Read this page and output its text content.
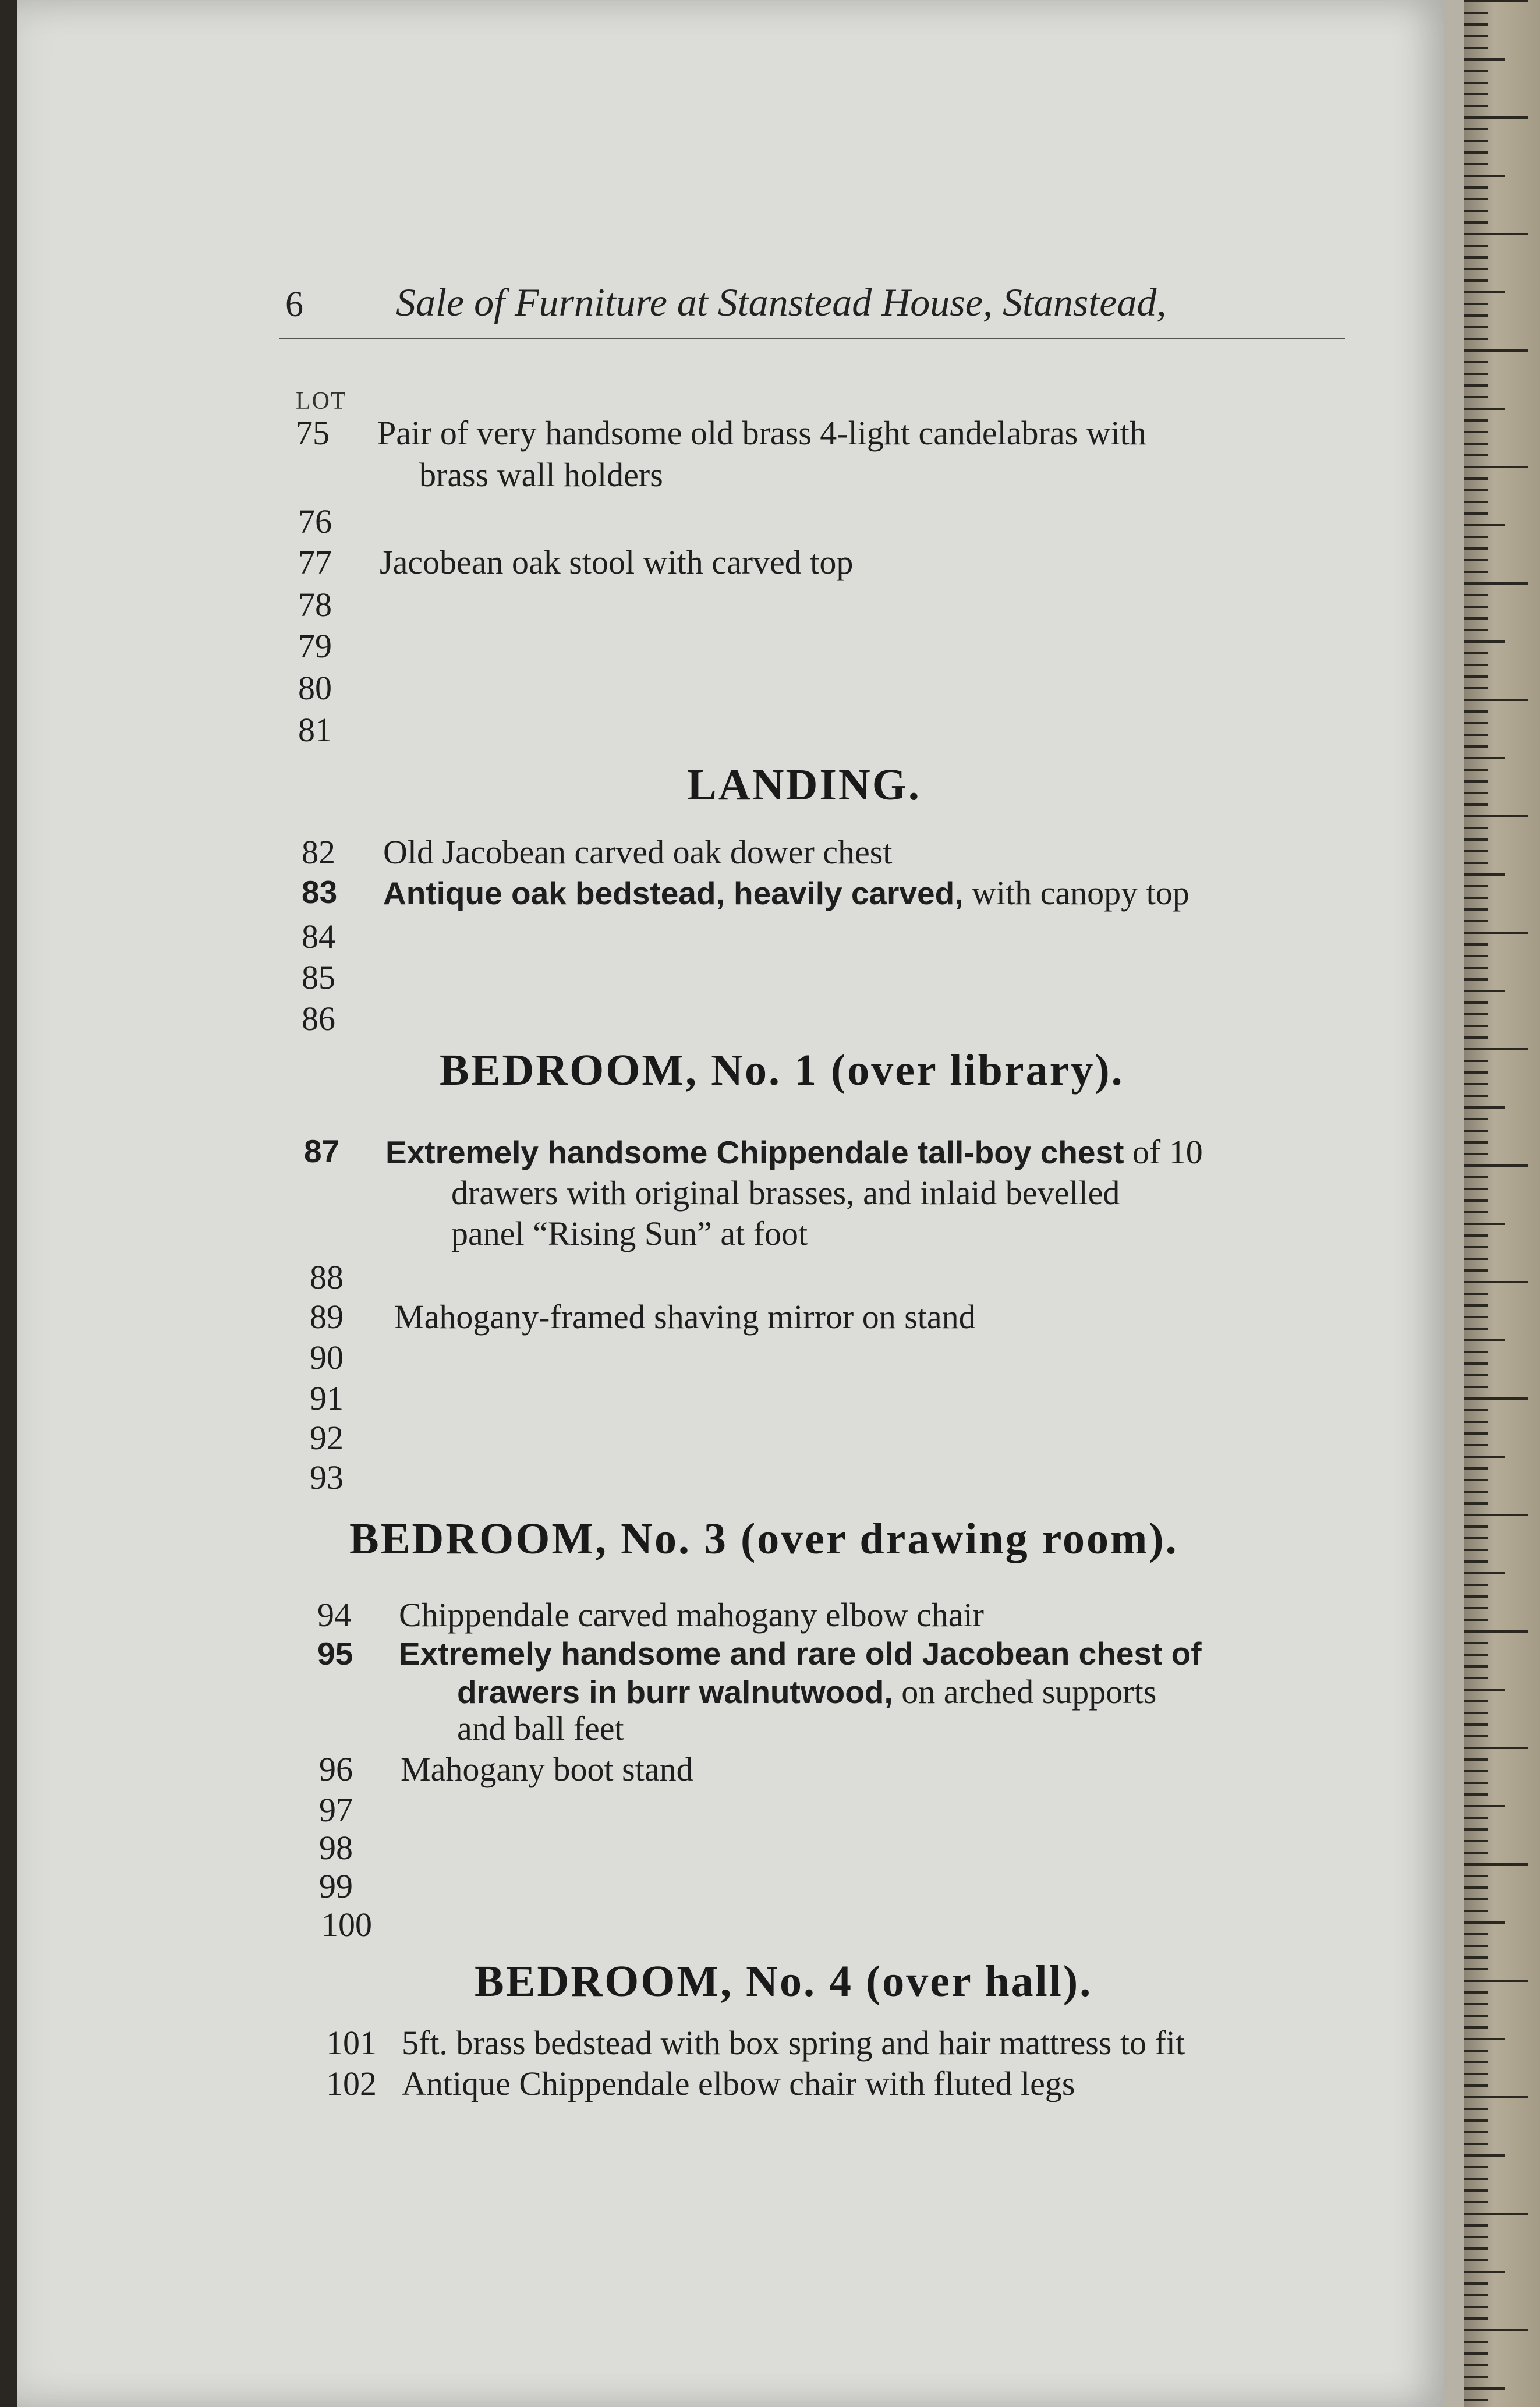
6 Sale of Furniture at Stanstead House, Stanstead,
LOT
75	Pair of very handsome old brass 4-light candelabras with
brass wall holders
76
77	Jacobean oak stool with carved top
78
79
80
81
LANDING.
82	Old Jacobean carved oak dower chest
83	Antique oak bedstead, heavily carved, with canopy top
84
85
86
BEDROOM, No. 1 (over library).
87	Extremely handsome Chippendale tall-boy chest of 10
drawers with original brasses, and inlaid bevelled
panel “Rising Sun” at foot
88
89	Mahogany-framed shaving mirror on stand
90
91
92
93
BEDROOM, No. 3 (over drawing room).
94	Chippendale carved mahogany elbow chair
95	Extremely handsome and rare old Jacobean chest of
drawers in burr walnutwood, on arched supports
and ball feet
96	Mahogany boot stand
97
98
99
100
BEDROOM, No. 4 (over hall).
101 5ft. brass bedstead with box spring and hair mattress to fit
102 Antique Chippendale elbow chair with fluted legs
